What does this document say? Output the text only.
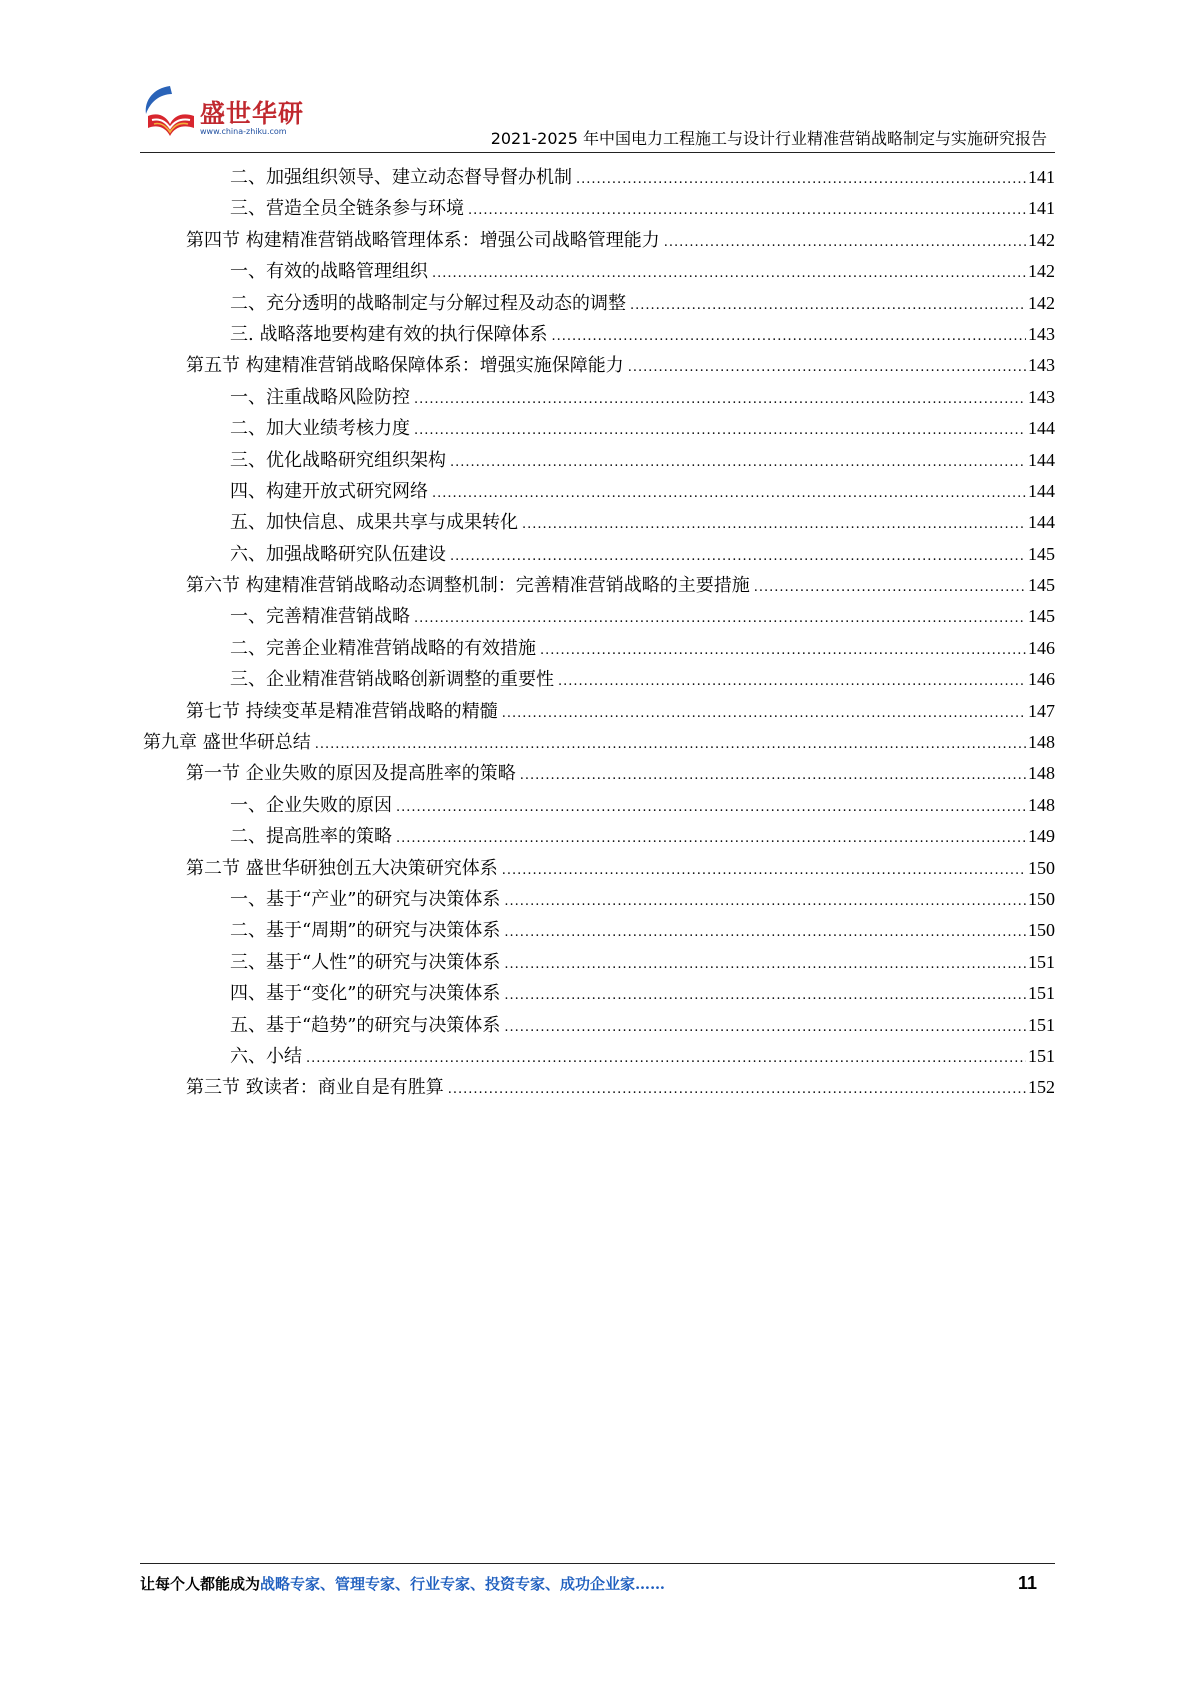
盛世华研
www.china-zhiku.com	2021-2025 年中国电力工程施工与设计行业精准营销战略制定与实施研究报告
二、加强组织领导、建立动态督导督办机制 .....	141
三、营造全员全链条参与环境 .....	141
第四节 构建精准营销战略管理体系：增强公司战略管理能力 .....	142
一、有效的战略管理组织 .....	142
二、充分透明的战略制定与分解过程及动态的调整 .....	142
三. 战略落地要构建有效的执行保障体系 .....	143
第五节 构建精准营销战略保障体系：增强实施保障能力 .....	143
一、注重战略风险防控 .....	143
二、加大业绩考核力度 .....	144
三、优化战略研究组织架构 .....	144
四、构建开放式研究网络 .....	144
五、加快信息、成果共享与成果转化 .....	144
六、加强战略研究队伍建设 .....	145
第六节 构建精准营销战略动态调整机制：完善精准营销战略的主要措施 .....	145
一、完善精准营销战略 .....	145
二、完善企业精准营销战略的有效措施 .....	146
三、企业精准营销战略创新调整的重要性 .....	146
第七节 持续变革是精准营销战略的精髓 .....	147
第九章 盛世华研总结 .....	148
第一节 企业失败的原因及提高胜率的策略 .....	148
一、企业失败的原因 .....	148
二、提高胜率的策略 .....	149
第二节 盛世华研独创五大决策研究体系 .....	150
一、基于“产业”的研究与决策体系 .....	150
二、基于“周期”的研究与决策体系 .....	150
三、基于“人性”的研究与决策体系 .....	151
四、基于“变化”的研究与决策体系 .....	151
五、基于“趋势”的研究与决策体系 .....	151
六、小结 .....	151
第三节 致读者：商业自是有胜算 .....	152
让每个人都能成为战略专家、管理专家、行业专家、投资专家、成功企业家……	11
